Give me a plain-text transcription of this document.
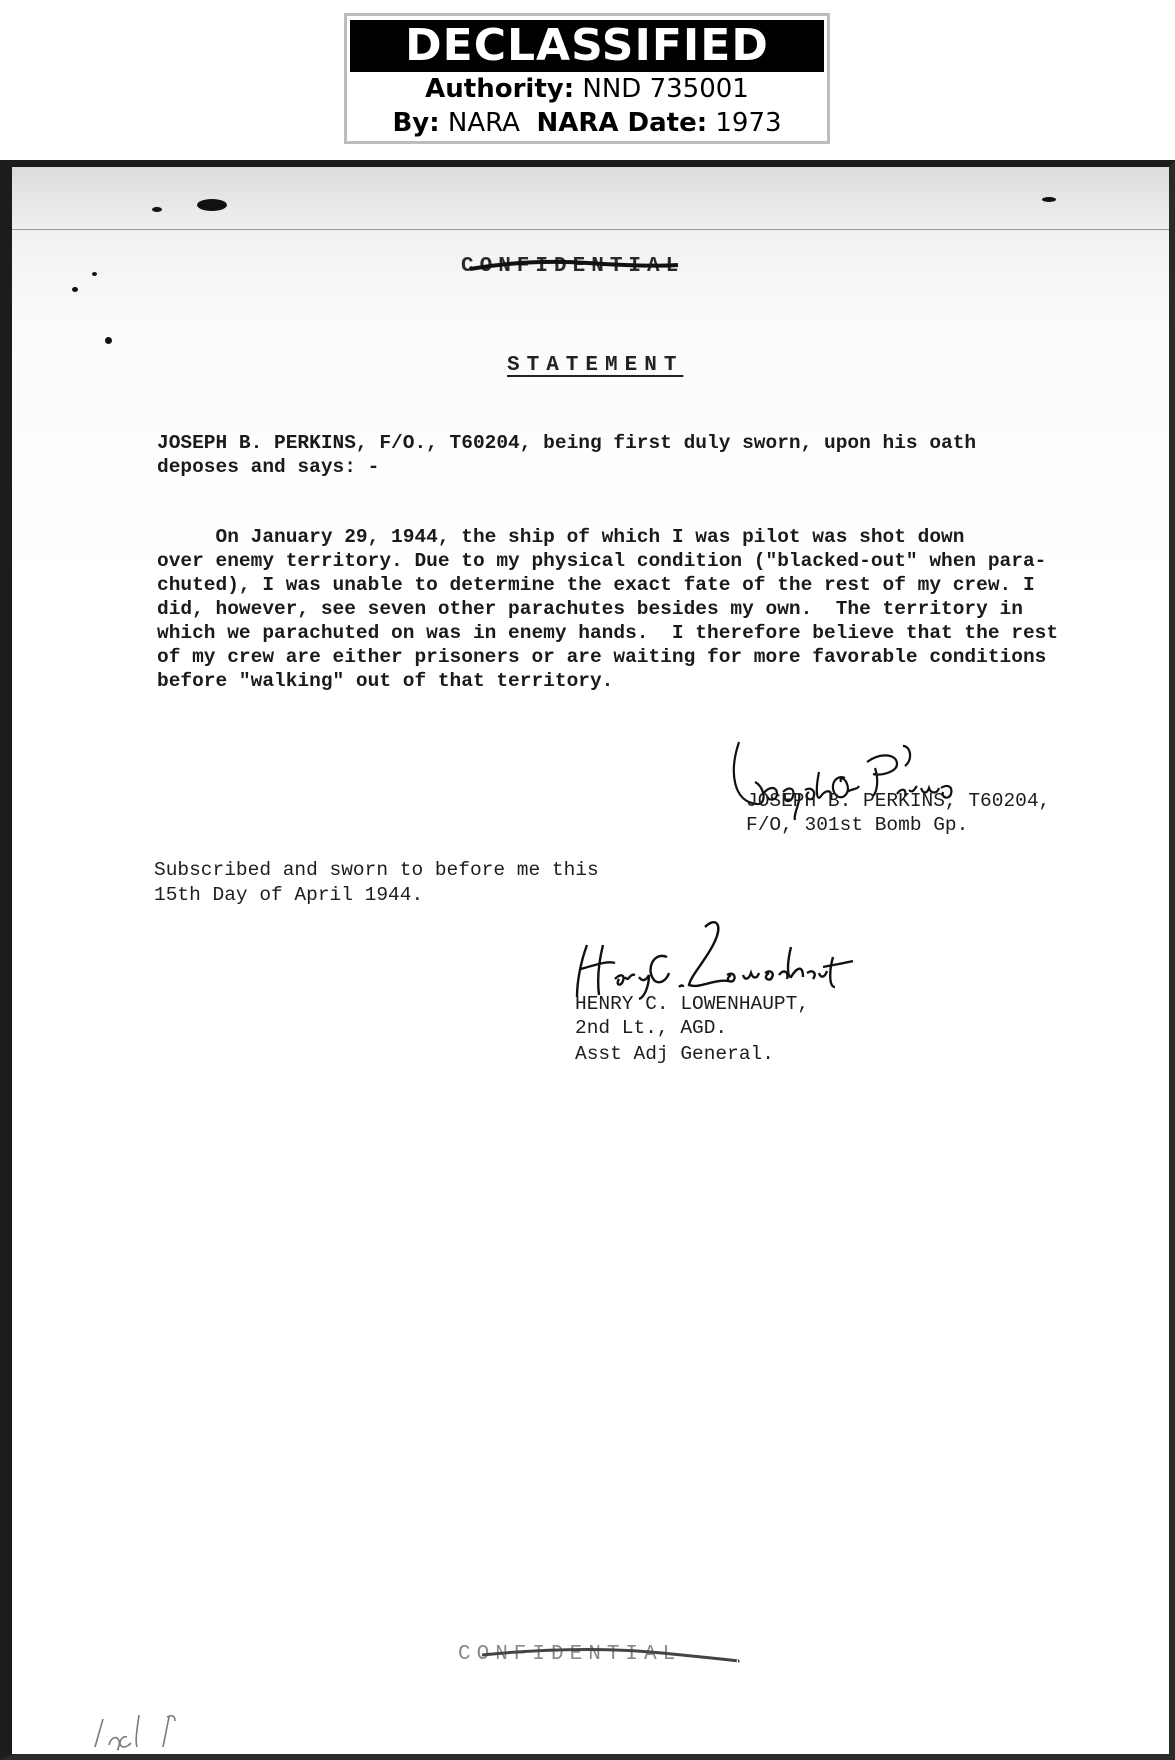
DECLASSIFIED
Authority: NND 735001
By: NARA NARA Date: 1973
CONFIDENTIAL
STATEMENT
JOSEPH B. PERKINS, F/O., T60204, being first duly sworn, upon his oath
deposes and says: -
On January 29, 1944, the ship of which I was pilot was shot down
over enemy territory. Due to my physical condition ("blacked-out" when para-
chuted), I was unable to determine the exact fate of the rest of my crew. I
did, however, see seven other parachutes besides my own.  The territory in
which we parachuted on was in enemy hands.  I therefore believe that the rest
of my crew are either prisoners or are waiting for more favorable conditions
before "walking" out of that territory.
JOSEPH B. PERKINS, T60204,
F/O, 301st Bomb Gp.
Subscribed and sworn to before me this
15th Day of April 1944.
HENRY C. LOWENHAUPT,
2nd Lt., AGD.
Asst Adj General.
CONFIDENTIAL
